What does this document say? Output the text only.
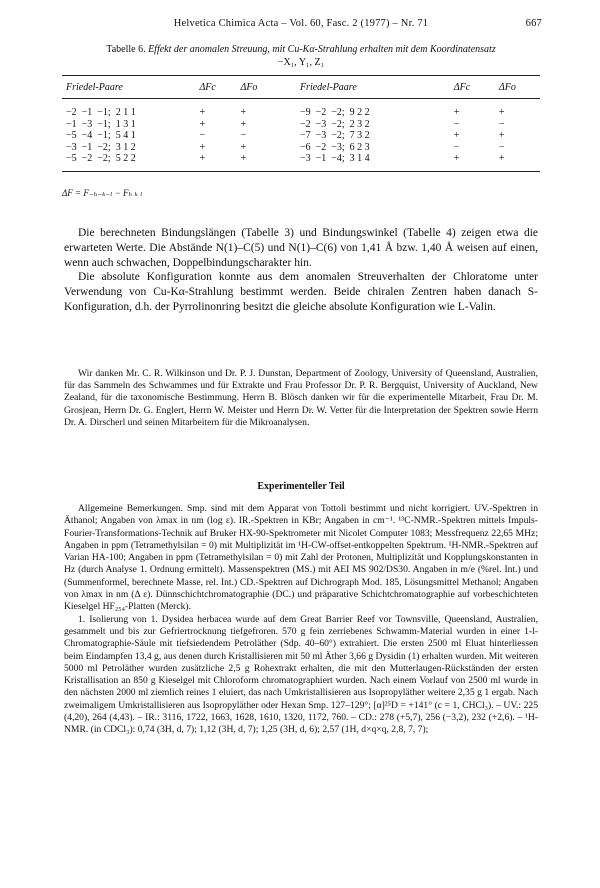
Helvetica Chimica Acta – Vol. 60, Fasc. 2 (1977) – Nr. 71	667
Tabelle 6. Effekt der anomalen Streuung, mit Cu-Kα-Strahlung erhalten mit dem Koordinatensatz
−X₁, Y₁, Z₁
Friedel-Paare	ΔFc	ΔFo	Friedel-Paare	ΔFc	ΔFo
−2  −1  −1;  2 1 1	+	+	−9  −2  −2;  9 2 2	+	+
−1  −3  −1;  1 3 1	+	+	−2  −3  −2;  2 3 2	−	−
−5  −4  −1;  5 4 1	−	−	−7  −3  −2;  7 3 2	+	+
−3  −1  −2;  3 1 2	+	+	−6  −2  −3;  6 2 3	−	−
−5  −2  −2;  5 2 2	+	+	−3  −1  −4;  3 1 4	+	+
ΔF = F₋ₕ₋ₖ₋ₗ − Fₕ ₖ ₗ

Die berechneten Bindungslängen (Tabelle 3) und Bindungswinkel (Tabelle 4) zeigen etwa die erwarteten Werte. Die Abstände N(1)–C(5) und N(1)–C(6) von 1,41 Å bzw. 1,40 Å weisen auf einen, wenn auch schwachen, Doppelbindungscharakter hin.

Die absolute Konfiguration konnte aus dem anomalen Streuverhalten der Chloratome unter Verwendung von Cu-Kα-Strahlung bestimmt werden. Beide chiralen Zentren haben danach S-Konfiguration, d.h. der Pyrrolinonring besitzt die gleiche absolute Konfiguration wie L-Valin.

Wir danken Mr. C. R. Wilkinson und Dr. P. J. Dunstan, Department of Zoology, University of Queensland, Australien, für das Sammeln des Schwammes und für Extrakte und Frau Professor Dr. P. R. Bergquist, University of Auckland, New Zealand, für die taxonomische Bestimmung. Herrn B. Blösch danken wir für die experimentelle Mitarbeit, Frau Dr. M. Grosjean, Herrn Dr. G. Englert, Herrn W. Meister und Herrn Dr. W. Vetter für die Interpretation der Spektren sowie Herrn Dr. A. Dirscherl und seinen Mitarbeitern für die Mikroanalysen.

Experimenteller Teil

Allgemeine Bemerkungen. Smp. sind mit dem Apparat von Tottoli bestimmt und nicht korrigiert. UV.-Spektren in Äthanol; Angaben von λmax in nm (log ε). IR.-Spektren in KBr; Angaben in cm⁻¹. ¹³C-NMR.-Spektren mittels Impuls-Fourier-Transformations-Technik auf Bruker HX-90-Spektrometer mit Nicolet Computer 1083; Messfrequenz 22,65 MHz; Angaben in ppm (Tetramethylsilan = 0) mit Multiplizität im ¹H-CW-offset-entkoppelten Spektrum. ¹H-NMR.-Spektren auf Varian HA-100; Angaben in ppm (Tetramethylsilan = 0) mit Zahl der Protonen, Multiplizität und Kopplungskonstanten in Hz (durch Analyse 1. Ordnung ermittelt). Massenspektren (MS.) mit AEI MS 902/DS30. Angaben in m/e (%rel. Int.) und (Summenformel, berechnete Masse, rel. Int.) CD.-Spektren auf Dichrograph Mod. 185, Lösungsmittel Methanol; Angaben von λmax in nm (Δ ε). Dünnschichtchromatographie (DC.) und präparative Schichtchromatographie auf vorbeschichteten Kieselgel HF₂₅₄-Platten (Merck).

1. Isolierung von 1. Dysidea herbacea wurde auf dem Great Barrier Reef vor Townsville, Queensland, Australien, gesammelt und bis zur Gefriertrocknung tiefgefroren. 570 g fein zerriebenes Schwamm-Material wurden in einer 1-l-Chromatographie-Säule mit tiefsiedendem Petroläther (Sdp. 40–60°) extrahiert. Die ersten 2500 ml Eluat hinterliessen beim Eindampfen 13,4 g, aus denen durch Kristallisieren mit 50 ml Äther 3,66 g Dysidin (1) erhalten wurden. Mit weiteren 5000 ml Petroläther wurden zusätzliche 2,5 g Rohextrakt erhalten, die mit den Mutterlaugen-Rückständen der ersten Kristallisation an 850 g Kieselgel mit Chloroform chromatographiert wurden. Nach einem Vorlauf von 2500 ml wurde in den nächsten 2000 ml ziemlich reines 1 eluiert, das nach Umkristallisieren aus Isopropyläther weitere 2,35 g 1 ergab. Nach zweimaligem Umkristallisieren aus Isopropyläther oder Hexan Smp. 127–129°; [α]²⁵D = +141° (c = 1, CHCl₃). – UV.: 225 (4,20), 264 (4,43). – IR.: 3116, 1722, 1663, 1628, 1610, 1320, 1172, 760. – CD.: 278 (+5,7), 256 (−3,2), 232 (+2,6). – ¹H-NMR. (in CDCl₃): 0,74 (3H, d, 7); 1,12 (3H, d, 7); 1,25 (3H, d, 6); 2,57 (1H, d×q×q, 2,8, 7, 7);
